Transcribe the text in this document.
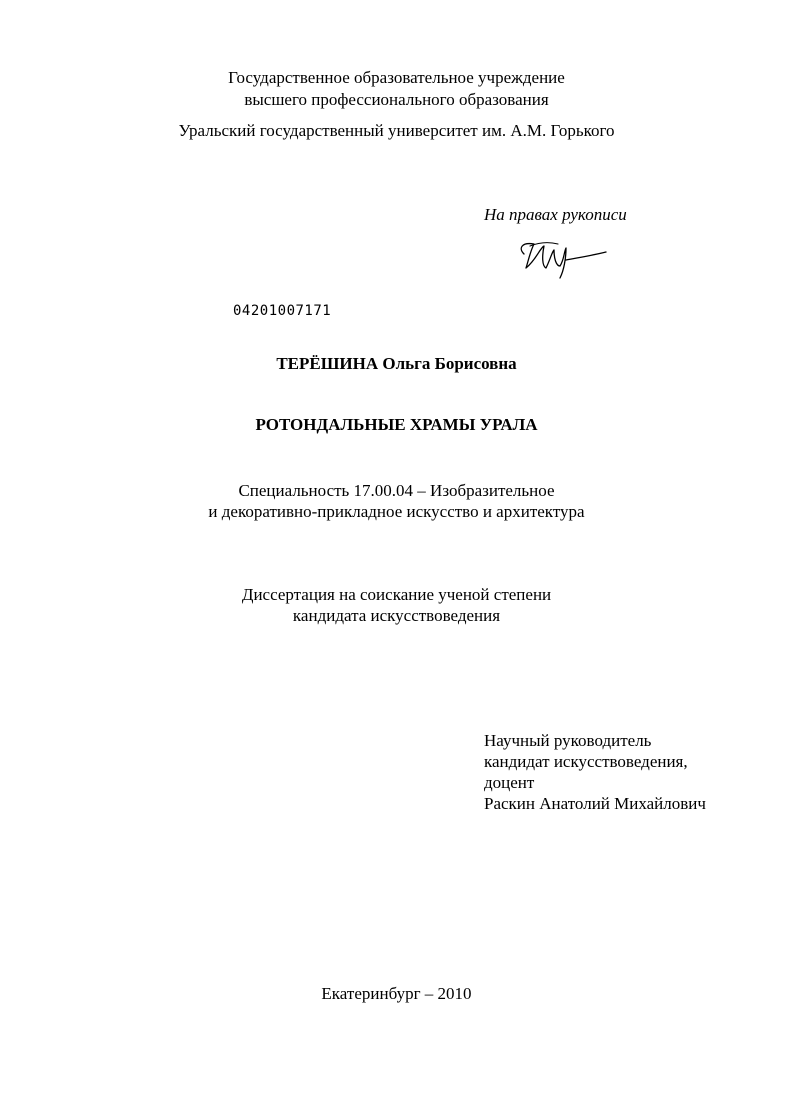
Государственное образовательное учреждение
высшего профессионального образования
Уральский государственный университет им. А.М. Горького
На правах рукописи
04201007171
ТЕРЁШИНА Ольга Борисовна
РОТОНДАЛЬНЫЕ ХРАМЫ УРАЛА
Специальность 17.00.04 – Изобразительное
и декоративно-прикладное искусство и архитектура
Диссертация на соискание ученой степени
кандидата искусствоведения
Научный руководитель
кандидат искусствоведения,
доцент
Раскин Анатолий Михайлович
Екатеринбург – 2010
